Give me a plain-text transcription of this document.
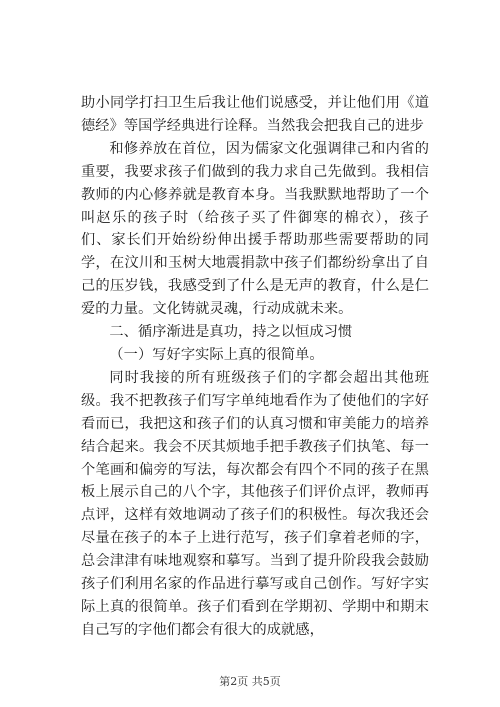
助小同学打扫卫生后我让他们说感受，并让他们用《道德经》等国学经典进行诠释。当然我会把我自己的进步

和修养放在首位，因为儒家文化强调律己和内省的重要，我要求孩子们做到的我力求自己先做到。我相信教师的内心修养就是教育本身。当我默默地帮助了一个叫赵乐的孩子时（给孩子买了件御寒的棉衣），孩子们、家长们开始纷纷伸出援手帮助那些需要帮助的同学，在汶川和玉树大地震捐款中孩子们都纷纷拿出了自己的压岁钱，我感受到了什么是无声的教育，什么是仁爱的力量。文化铸就灵魂，行动成就未来。

二、循序渐进是真功，持之以恒成习惯

（一）写好字实际上真的很简单。

同时我接的所有班级孩子们的字都会超出其他班级。我不把教孩子们写字单纯地看作为了使他们的字好看而已，我把这和孩子们的认真习惯和审美能力的培养结合起来。我会不厌其烦地手把手教孩子们执笔、每一个笔画和偏旁的写法，每次都会有四个不同的孩子在黑板上展示自己的八个字，其他孩子们评价点评，教师再点评，这样有效地调动了孩子们的积极性。每次我还会尽量在孩子的本子上进行范写，孩子们拿着老师的字，总会津津有味地观察和摹写。当到了提升阶段我会鼓励孩子们利用名家的作品进行摹写或自己创作。写好字实际上真的很简单。孩子们看到在学期初、学期中和期末自己写的字他们都会有很大的成就感，

第2页 共5页
